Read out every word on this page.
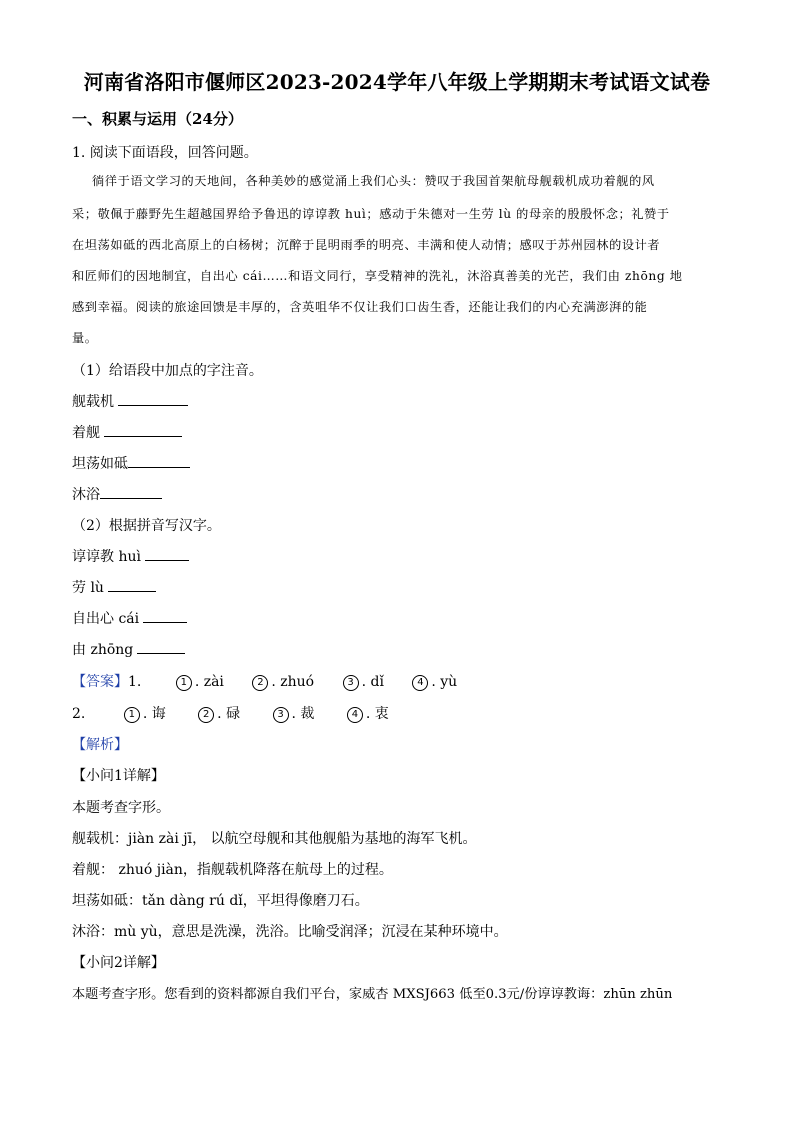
河南省洛阳市偃师区2023-2024学年八年级上学期期末考试语文试卷
一、积累与运用（24分）
1. 阅读下面语段，回答问题。
徜徉于语文学习的天地间，各种美妙的感觉涌上我们心头：赞叹于我国首架航母舰载机成功着舰的风
采；敬佩于藤野先生超越国界给予鲁迅的谆谆教 huì；感动于朱德对一生劳 lù 的母亲的殷殷怀念；礼赞于
在坦荡如砥的西北高原上的白杨树；沉醉于昆明雨季的明亮、丰满和使人动情；感叹于苏州园林的设计者
和匠师们的因地制宜，自出心 cái……和语文同行，享受精神的洗礼，沐浴真善美的光芒，我们由 zhōng 地
感到幸福。阅读的旅途回馈是丰厚的，含英咀华不仅让我们口齿生香，还能让我们的内心充满澎湃的能
量。
（1）给语段中加点的字注音。
舰载机
着舰
坦荡如砥
沐浴
（2）根据拼音写汉字。
谆谆教 huì
劳 lù
自出心 cái
由 zhōng
【答案】1.	1 . zài	2 . zhuó	3 . dǐ	4 . yù
2.	1 . 诲	2 . 碌	3 . 裁	4 . 衷
【解析】
【小问1详解】
本题考查字形。
舰载机：jiàn zài jī， 以航空母舰和其他舰船为基地的海军飞机。
着舰： zhuó jiàn，指舰载机降落在航母上的过程。
坦荡如砥：tǎn dàng rú dǐ，平坦得像磨刀石。
沐浴：mù yù，意思是洗澡，洗浴。比喻受润泽；沉浸在某种环境中。
【小问2详解】
本题考查字形。您看到的资料都源自我们平台，家威杏 MXSJ663 低至0.3元/份谆谆教诲：zhūn zhūn
